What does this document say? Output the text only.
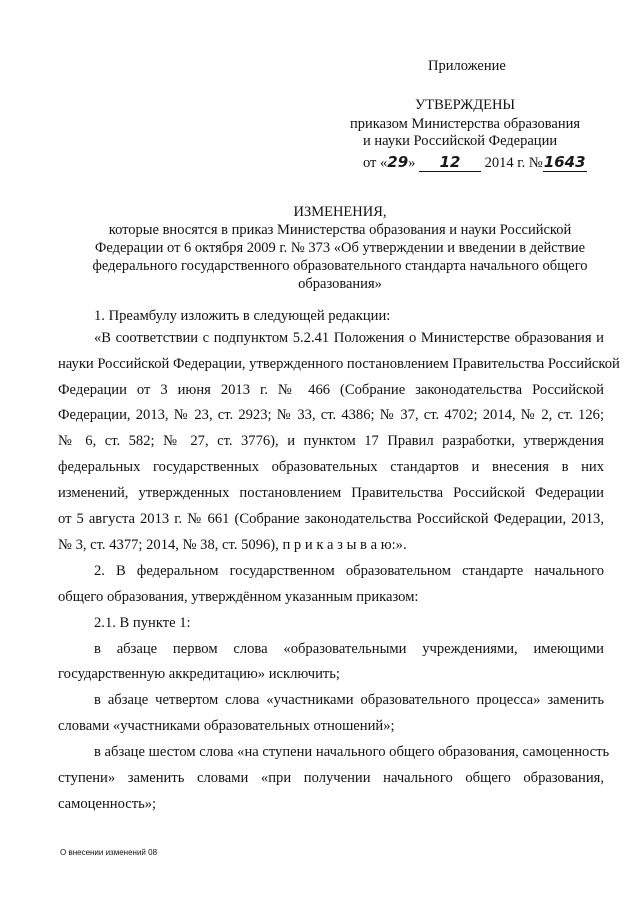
Приложение
УТВЕРЖДЕНЫ
приказом Министерства образования
и науки Российской Федерации
от «29» 12 2014 г. №1643
ИЗМЕНЕНИЯ,
которые вносятся в приказ Министерства образования и науки Российской
Федерации от 6 октября 2009 г. № 373 «Об утверждении и введении в действие
федерального государственного образовательного стандарта начального общего
образования»
1. Преамбулу изложить в следующей редакции:
«В соответствии с подпунктом 5.2.41 Положения о Министерстве образования и
науки Российской Федерации, утвержденного постановлением Правительства Российской
Федерации от 3 июня 2013 г. № 466 (Собрание законодательства Российской
Федерации, 2013, № 23, ст. 2923; № 33, ст. 4386; № 37, ст. 4702; 2014, № 2, ст. 126;
№ 6, ст. 582; № 27, ст. 3776), и пунктом 17 Правил разработки, утверждения
федеральных государственных образовательных стандартов и внесения в них
изменений, утвержденных постановлением Правительства Российской Федерации
от 5 августа 2013 г. № 661 (Собрание законодательства Российской Федерации, 2013,
№ 3, ст. 4377; 2014, № 38, ст. 5096), п р и к а з ы в а ю:».
2. В федеральном государственном образовательном стандарте начального
общего образования, утверждённом указанным приказом:
2.1. В пункте 1:
в абзаце первом слова «образовательными учреждениями, имеющими
государственную аккредитацию» исключить;
в абзаце четвертом слова «участниками образовательного процесса» заменить
словами «участниками образовательных отношений»;
в абзаце шестом слова «на ступени начального общего образования, самоценность
ступени» заменить словами «при получении начального общего образования,
самоценность»;
О внесении изменений 08
